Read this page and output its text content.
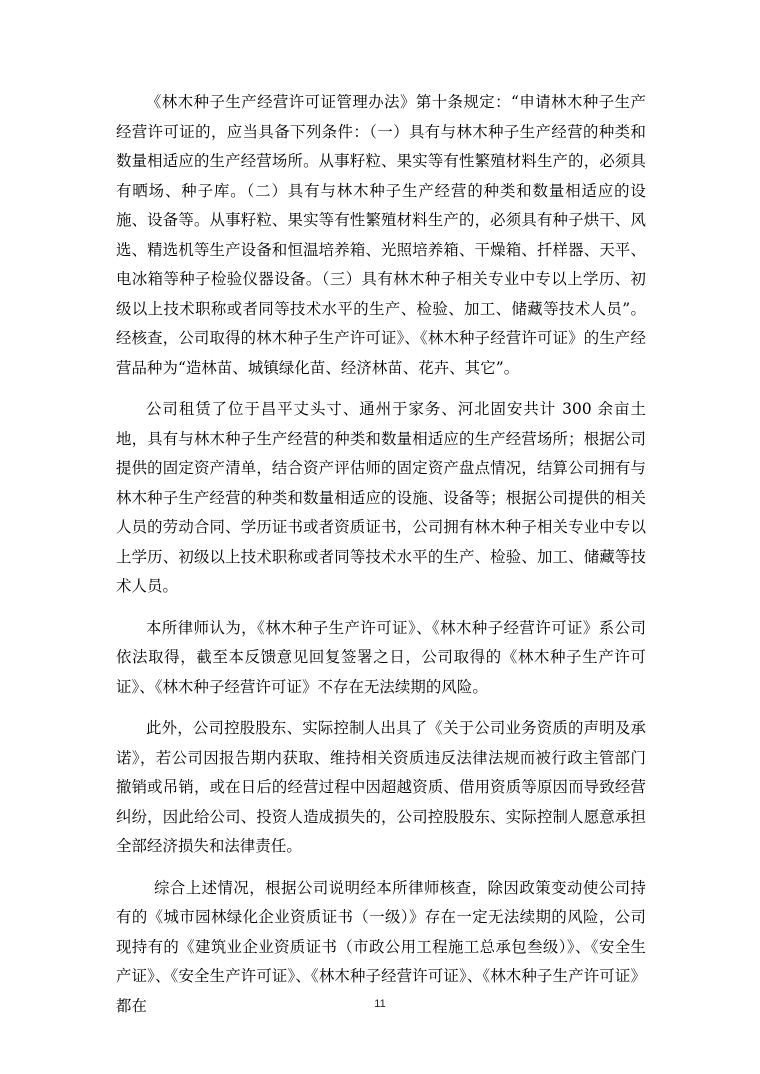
《林木种子生产经营许可证管理办法》第十条规定：“申请林木种子生产经营许可证的，应当具备下列条件：（一）具有与林木种子生产经营的种类和数量相适应的生产经营场所。从事籽粒、果实等有性繁殖材料生产的，必须具有晒场、种子库。（二）具有与林木种子生产经营的种类和数量相适应的设施、设备等。从事籽粒、果实等有性繁殖材料生产的，必须具有种子烘干、风选、精选机等生产设备和恒温培养箱、光照培养箱、干燥箱、扦样器、天平、电冰箱等种子检验仪器设备。（三）具有林木种子相关专业中专以上学历、初级以上技术职称或者同等技术水平的生产、检验、加工、储藏等技术人员”。经核查，公司取得的林木种子生产许可证》、《林木种子经营许可证》的生产经营品种为“造林苗、城镇绿化苗、经济林苗、花卉、其它”。

公司租赁了位于昌平丈头寸、通州于家务、河北固安共计 300 余亩土地，具有与林木种子生产经营的种类和数量相适应的生产经营场所；根据公司提供的固定资产清单，结合资产评估师的固定资产盘点情况，结算公司拥有与林木种子生产经营的种类和数量相适应的设施、设备等；根据公司提供的相关人员的劳动合同、学历证书或者资质证书，公司拥有林木种子相关专业中专以上学历、初级以上技术职称或者同等技术水平的生产、检验、加工、储藏等技术人员。

本所律师认为，《林木种子生产许可证》、《林木种子经营许可证》系公司依法取得，截至本反馈意见回复签署之日，公司取得的《林木种子生产许可证》、《林木种子经营许可证》不存在无法续期的风险。

此外，公司控股股东、实际控制人出具了《关于公司业务资质的声明及承诺》，若公司因报告期内获取、维持相关资质违反法律法规而被行政主管部门撤销或吊销，或在日后的经营过程中因超越资质、借用资质等原因而导致经营纠纷，因此给公司、投资人造成损失的，公司控股股东、实际控制人愿意承担全部经济损失和法律责任。

综合上述情况，根据公司说明经本所律师核查，除因政策变动使公司持有的《城市园林绿化企业资质证书（一级）》存在一定无法续期的风险，公司现持有的《建筑业企业资质证书（市政公用工程施工总承包叁级）》、《安全生产证》、《安全生产许可证》、《林木种子经营许可证》、《林木种子生产许可证》都在	11
